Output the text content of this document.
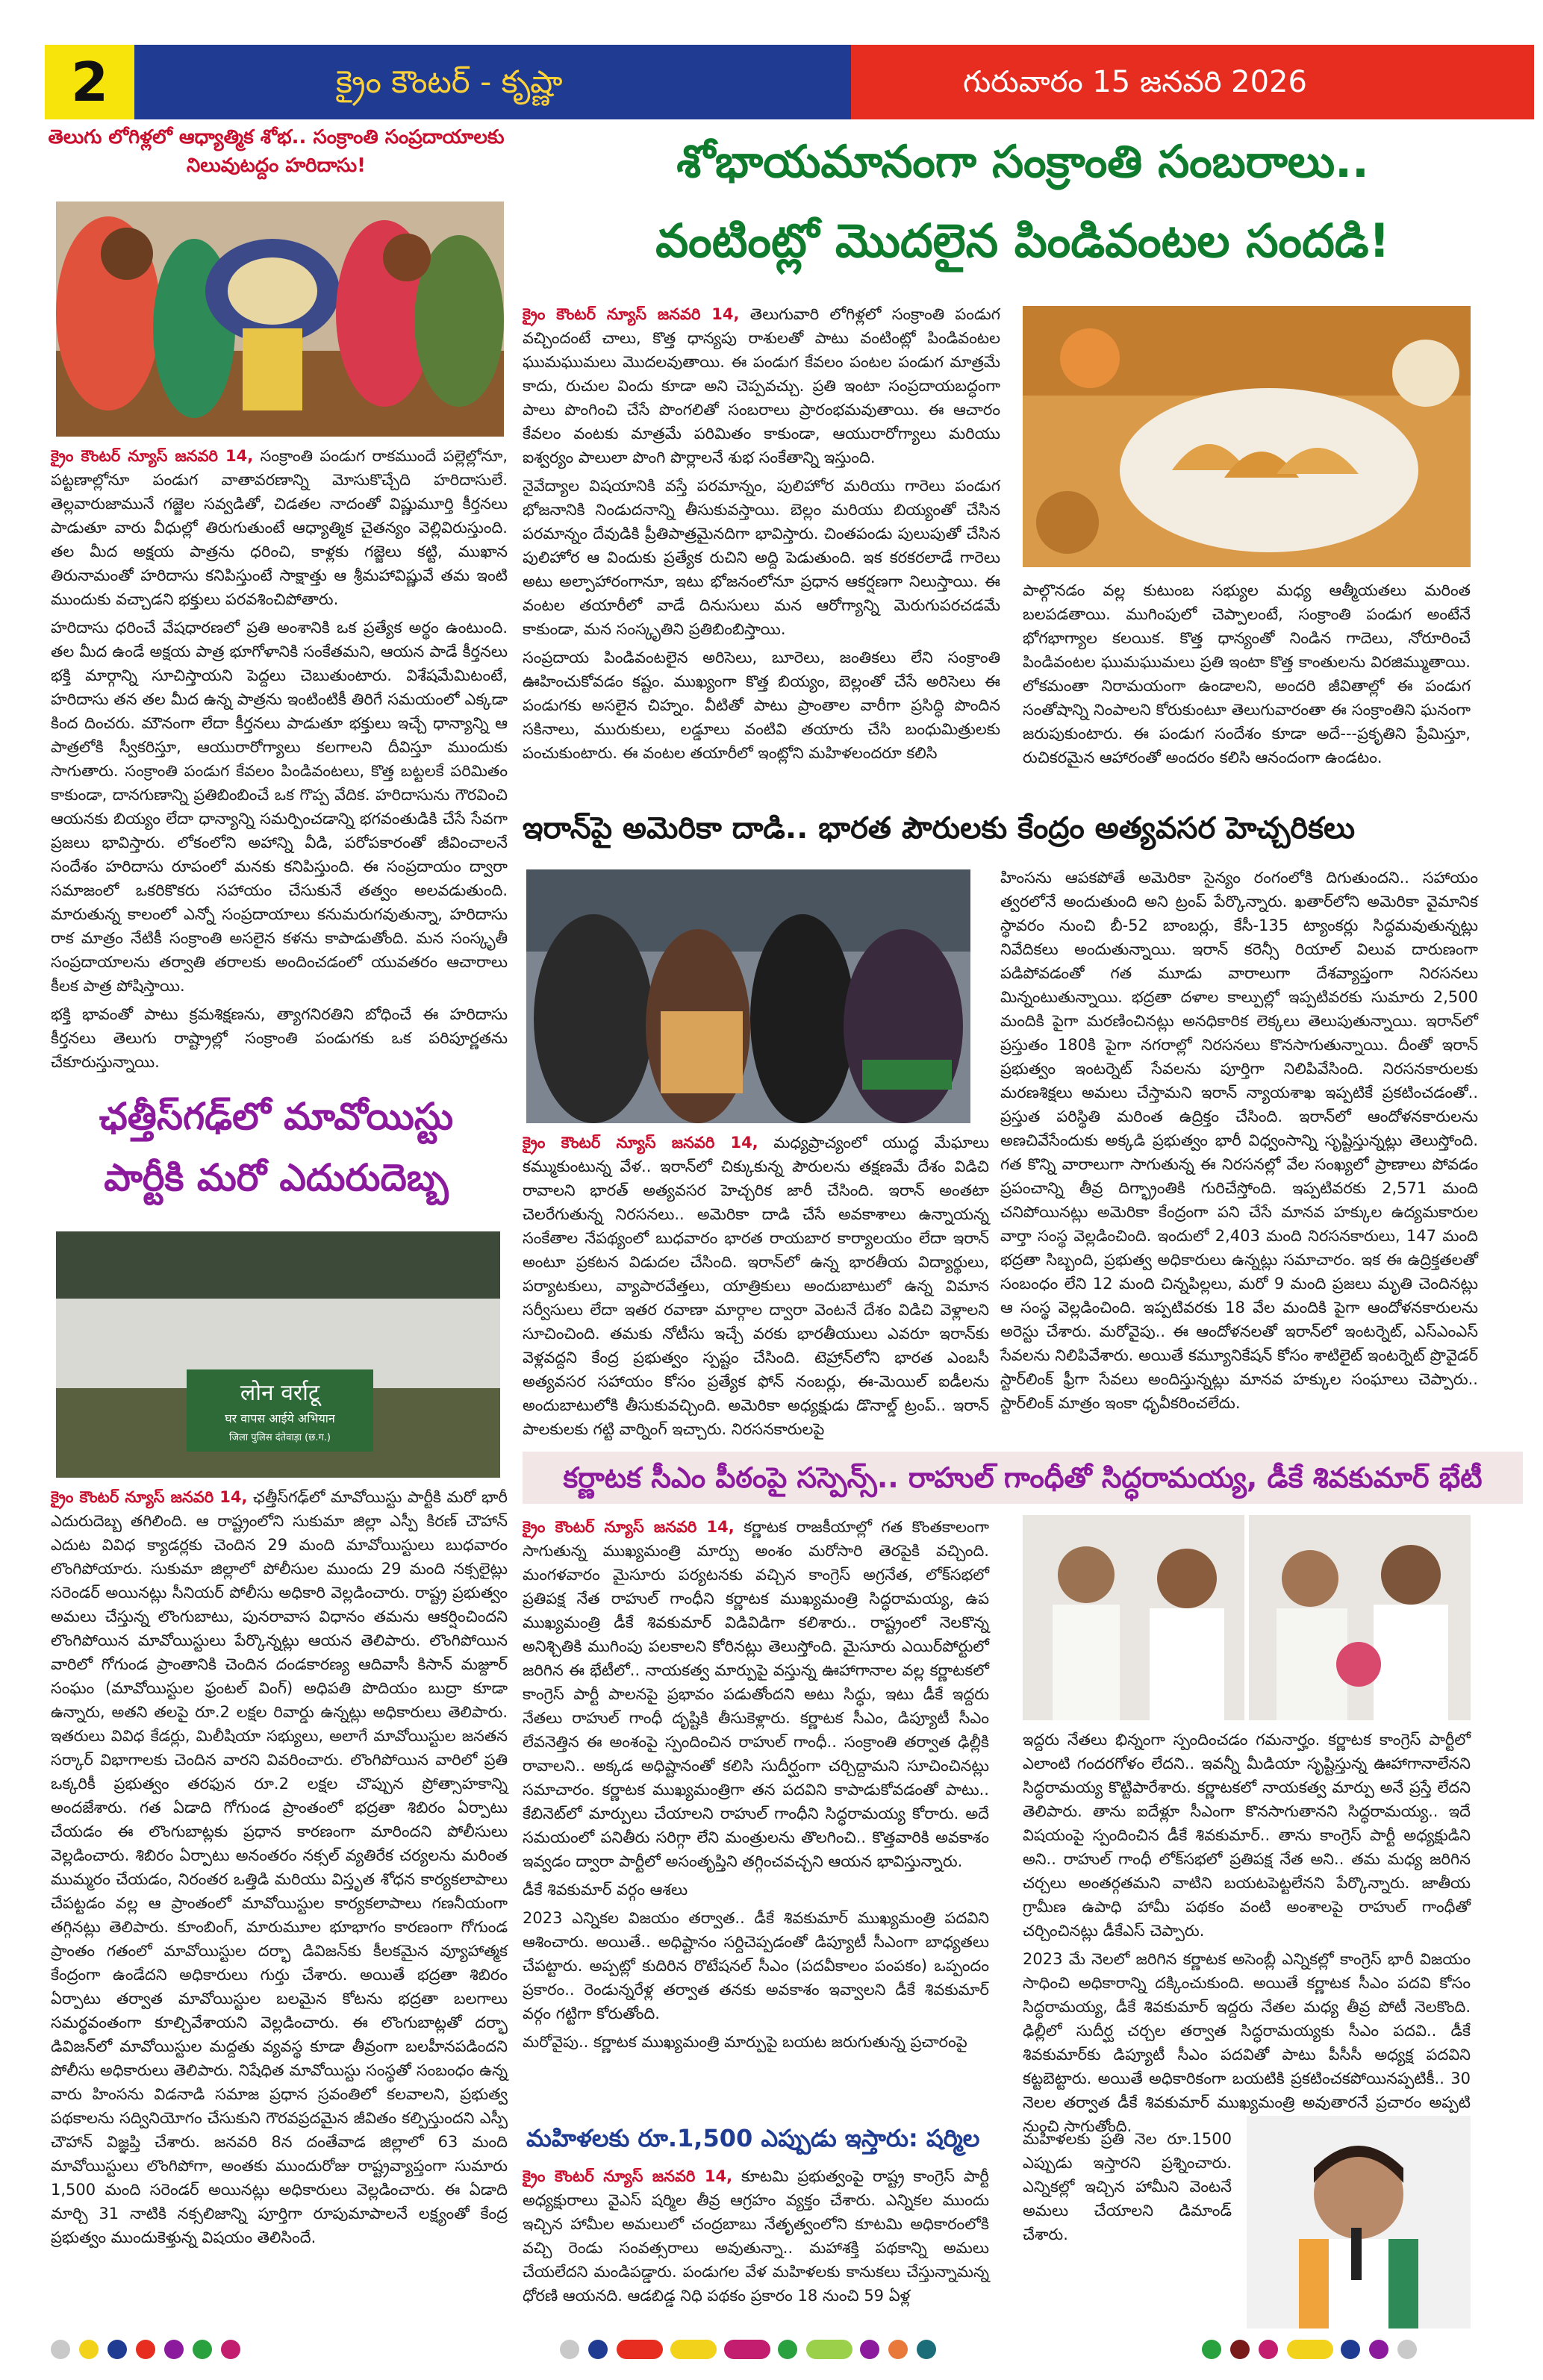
2	క్రైం కౌంటర్ - కృష్ణా	గురువారం 15 జనవరి 2026
తెలుగు లోగిళ్లలో ఆధ్యాత్మిక శోభ.. సంక్రాంతి సంప్రదాయాలకు నిలువుటద్దం హరిదాసు!

క్రైం కౌంటర్ న్యూస్ జనవరి 14, సంక్రాంతి పండుగ రాకముందే పల్లెల్లోనూ, పట్టణాల్లోనూ పండుగ వాతావరణాన్ని మోసుకొచ్చేది హరిదాసులే. తెల్లవారుజామునే గజ్జెల సవ్వడితో, చిడతల నాదంతో విష్ణుమూర్తి కీర్తనలు పాడుతూ వారు వీధుల్లో తిరుగుతుంటే ఆధ్యాత్మిక చైతన్యం వెల్లివిరుస్తుంది. తల మీద అక్షయ పాత్రను ధరించి, కాళ్లకు గజ్జెలు కట్టి, ముఖాన తిరునామంతో హరిదాసు కనిపిస్తుంటే సాక్షాత్తు ఆ శ్రీమహావిష్ణువే తమ ఇంటి ముందుకు వచ్చాడని భక్తులు పరవశించిపోతారు.

హరిదాసు ధరించే వేషధారణలో ప్రతి అంశానికి ఒక ప్రత్యేక అర్థం ఉంటుంది. తల మీద ఉండే అక్షయ పాత్ర భూగోళానికి సంకేతమని, ఆయన పాడే కీర్తనలు భక్తి మార్గాన్ని సూచిస్తాయని పెద్దలు చెబుతుంటారు. విశేషమేమిటంటే, హరిదాసు తన తల మీద ఉన్న పాత్రను ఇంటింటికీ తిరిగే సమయంలో ఎక్కడా కింద దించరు. మౌనంగా లేదా కీర్తనలు పాడుతూ భక్తులు ఇచ్చే ధాన్యాన్ని ఆ పాత్రలోకి స్వీకరిస్తూ, ఆయురారోగ్యాలు కలగాలని దీవిస్తూ ముందుకు సాగుతారు. సంక్రాంతి పండుగ కేవలం పిండివంటలు, కొత్త బట్టలకే పరిమితం కాకుండా, దానగుణాన్ని ప్రతిబింబించే ఒక గొప్ప వేదిక. హరిదాసును గౌరవించి ఆయనకు బియ్యం లేదా ధాన్యాన్ని సమర్పించడాన్ని భగవంతుడికి చేసే సేవగా ప్రజలు భావిస్తారు. లోకంలోని అహాన్ని వీడి, పరోపకారంతో జీవించాలనే సందేశం హరిదాసు రూపంలో మనకు కనిపిస్తుంది. ఈ సంప్రదాయం ద్వారా సమాజంలో ఒకరికొకరు సహాయం చేసుకునే తత్వం అలవడుతుంది. మారుతున్న కాలంలో ఎన్నో సంప్రదాయాలు కనుమరుగవుతున్నా, హరిదాసు రాక మాత్రం నేటికీ సంక్రాంతి అసలైన కళను కాపాడుతోంది. మన సంస్కృతీ సంప్రదాయాలను తర్వాతి తరాలకు అందించడంలో యువతరం ఆచారాలు కీలక పాత్ర పోషిస్తాయి.

భక్తి భావంతో పాటు క్రమశిక్షణను, త్యాగనిరతిని బోధించే ఈ హరిదాసు కీర్తనలు తెలుగు రాష్ట్రాల్లో సంక్రాంతి పండుగకు ఒక పరిపూర్ణతను చేకూరుస్తున్నాయి.

ఛత్తీస్‌గఢ్‌లో మావోయిస్టు
పార్టీకి మరో ఎదురుదెబ్బ
लोन वर्राटू
घर वापस आईये अभियान
जिला पुलिस दंतेवाड़ा (छ.ग.)

క్రైం కౌంటర్ న్యూస్ జనవరి 14, ఛత్తీస్‌గఢ్‌లో మావోయిస్టు పార్టీకి మరో భారీ ఎదురుదెబ్బ తగిలింది. ఆ రాష్ట్రంలోని సుకుమా జిల్లా ఎస్పీ కిరణ్ చౌహాన్ ఎదుట వివిధ క్యాడర్లకు చెందిన 29 మంది మావోయిస్టులు బుధవారం లొంగిపోయారు. సుకుమా జిల్లాలో పోలీసుల ముందు 29 మంది నక్సలైట్లు సరెండర్ అయినట్లు సీనియర్ పోలీసు అధికారి వెల్లడించారు. రాష్ట్ర ప్రభుత్వం అమలు చేస్తున్న లొంగుబాటు, పునరావాస విధానం తమను ఆకర్షించిందని లొంగిపోయిన మావోయిస్టులు పేర్కొన్నట్లు ఆయన తెలిపారు. లొంగిపోయిన వారిలో గోగుండ ప్రాంతానికి చెందిన దండకారణ్య ఆదివాసీ కిసాన్ మజ్దూర్ సంఘం (మావోయిస్టుల ఫ్రంటల్ వింగ్) అధిపతి పొదియం బుద్రా కూడా ఉన్నారు, అతని తలపై రూ.2 లక్షల రివార్డు ఉన్నట్లు అధికారులు తెలిపారు. ఇతరులు వివిధ కేడర్లు, మిలీషియా సభ్యులు, అలాగే మావోయిస్టుల జనతన సర్కార్ విభాగాలకు చెందిన వారని వివరించారు. లొంగిపోయిన వారిలో ప్రతి ఒక్కరికీ ప్రభుత్వం తరఫున రూ.2 లక్షల చొప్పున ప్రోత్సాహకాన్ని అందజేశారు. గత ఏడాది గోగుండ ప్రాంతంలో భద్రతా శిబిరం ఏర్పాటు చేయడం ఈ లొంగుబాట్లకు ప్రధాన కారణంగా మారిందని పోలీసులు వెల్లడించారు. శిబిరం ఏర్పాటు అనంతరం నక్సల్ వ్యతిరేక చర్యలను మరింత ముమ్మరం చేయడం, నిరంతర ఒత్తిడి మరియు విస్తృత శోధన కార్యకలాపాలు చేపట్టడం వల్ల ఆ ప్రాంతంలో మావోయిస్టుల కార్యకలాపాలు గణనీయంగా తగ్గినట్లు తెలిపారు. కూంబింగ్, మారుమూల భూభాగం కారణంగా గోగుండ ప్రాంతం గతంలో మావోయిస్టుల దర్భా డివిజన్‌కు కీలకమైన వ్యూహాత్మక కేంద్రంగా ఉండేదని అధికారులు గుర్తు చేశారు. అయితే భద్రతా శిబిరం ఏర్పాటు తర్వాత మావోయిస్టుల బలమైన కోటను భద్రతా బలగాలు సమర్థవంతంగా కూల్చివేశాయని వెల్లడించారు. ఈ లొంగుబాట్లతో దర్భా డివిజన్‌లో మావోయిస్టుల మద్దతు వ్యవస్థ కూడా తీవ్రంగా బలహీనపడిందని పోలీసు అధికారులు తెలిపారు. నిషేధిత మావోయిస్టు సంస్థతో సంబంధం ఉన్న వారు హింసను విడనాడి సమాజ ప్రధాన స్రవంతిలో కలవాలని, ప్రభుత్వ పథకాలను సద్వినియోగం చేసుకుని గౌరవప్రదమైన జీవితం కల్పిస్తుందని ఎస్పీ చౌహాన్ విజ్ఞప్తి చేశారు. జనవరి 8న దంతేవాడ జిల్లాలో 63 మంది మావోయిస్టులు లొంగిపోగా, అంతకు ముందురోజు రాష్ట్రవ్యాప్తంగా సుమారు 1,500 మంది సరెండర్ అయినట్లు అధికారులు వెల్లడించారు. ఈ ఏడాది మార్చి 31 నాటికి నక్సలిజాన్ని పూర్తిగా రూపుమాపాలనే లక్ష్యంతో కేంద్ర ప్రభుత్వం ముందుకెళ్తున్న విషయం తెలిసిందే.

శోభాయమానంగా సంక్రాంతి సంబరాలు..
వంటింట్లో మొదలైన పిండివంటల సందడి!

క్రైం కౌంటర్ న్యూస్ జనవరి 14, తెలుగువారి లోగిళ్లలో సంక్రాంతి పండుగ వచ్చిందంటే చాలు, కొత్త ధాన్యపు రాశులతో పాటు వంటింట్లో పిండివంటల ఘుమఘుమలు మొదలవుతాయి. ఈ పండుగ కేవలం పంటల పండుగ మాత్రమే కాదు, రుచుల విందు కూడా అని చెప్పవచ్చు. ప్రతి ఇంటా సంప్రదాయబద్ధంగా పాలు పొంగించి చేసే పొంగలితో సంబరాలు ప్రారంభమవుతాయి. ఈ ఆచారం కేవలం వంటకు మాత్రమే పరిమితం కాకుండా, ఆయురారోగ్యాలు మరియు ఐశ్వర్యం పాలులా పొంగి పొర్లాలనే శుభ సంకేతాన్ని ఇస్తుంది.

నైవేద్యాల విషయానికి వస్తే పరమాన్నం, పులిహోర మరియు గారెలు పండుగ భోజనానికి నిండుదనాన్ని తీసుకువస్తాయి. బెల్లం మరియు బియ్యంతో చేసిన పరమాన్నం దేవుడికి ప్రీతిపాత్రమైనదిగా భావిస్తారు. చింతపండు పులుపుతో చేసిన పులిహోర ఆ విందుకు ప్రత్యేక రుచిని అద్ది పెడుతుంది. ఇక కరకరలాడే గారెలు అటు అల్పాహారంగానూ, ఇటు భోజనంలోనూ ప్రధాన ఆకర్షణగా నిలుస్తాయి. ఈ వంటల తయారీలో వాడే దినుసులు మన ఆరోగ్యాన్ని మెరుగుపరచడమే కాకుండా, మన సంస్కృతిని ప్రతిబింబిస్తాయి.

సంప్రదాయ పిండివంటలైన అరిసెలు, బూరెలు, జంతికలు లేని సంక్రాంతి ఊహించుకోవడం కష్టం. ముఖ్యంగా కొత్త బియ్యం, బెల్లంతో చేసే అరిసెలు ఈ పండుగకు అసలైన చిహ్నం. వీటితో పాటు ప్రాంతాల వారీగా ప్రసిద్ధి పొందిన సకినాలు, మురుకులు, లడ్డూలు వంటివి తయారు చేసి బంధుమిత్రులకు పంచుకుంటారు. ఈ వంటల తయారీలో ఇంట్లోని మహిళలందరూ కలిసి

పాల్గొనడం వల్ల కుటుంబ సభ్యుల మధ్య ఆత్మీయతలు మరింత బలపడతాయి. ముగింపులో చెప్పాలంటే, సంక్రాంతి పండుగ అంటేనే భోగభాగ్యాల కలయిక. కొత్త ధాన్యంతో నిండిన గాదెలు, నోరూరించే పిండివంటల ఘుమఘుమలు ప్రతి ఇంటా కొత్త కాంతులను విరజిమ్ముతాయి. లోకమంతా నిరామయంగా ఉండాలని, అందరి జీవితాల్లో ఈ పండుగ సంతోషాన్ని నింపాలని కోరుకుంటూ తెలుగువారంతా ఈ సంక్రాంతిని ఘనంగా జరుపుకుంటారు. ఈ పండుగ సందేశం కూడా అదే---ప్రకృతిని ప్రేమిస్తూ, రుచికరమైన ఆహారంతో అందరం కలిసి ఆనందంగా ఉండటం.

ఇరాన్‌పై అమెరికా దాడి.. భారత పౌరులకు కేంద్రం అత్యవసర హెచ్చరికలు

క్రైం కౌంటర్ న్యూస్ జనవరి 14, మధ్యప్రాచ్యంలో యుద్ధ మేఘాలు కమ్ముకుంటున్న వేళ.. ఇరాన్‌లో చిక్కుకున్న పౌరులను తక్షణమే దేశం విడిచి రావాలని భారత్ అత్యవసర హెచ్చరిక జారీ చేసింది. ఇరాన్ అంతటా చెలరేగుతున్న నిరసనలు.. అమెరికా దాడి చేసే అవకాశాలు ఉన్నాయన్న సంకేతాల నేపథ్యంలో బుధవారం భారత రాయబార కార్యాలయం లేదా ఇరాన్ అంటూ ప్రకటన విడుదల చేసింది. ఇరాన్‌లో ఉన్న భారతీయ విద్యార్థులు, పర్యాటకులు, వ్యాపారవేత్తలు, యాత్రికులు అందుబాటులో ఉన్న విమాన సర్వీసులు లేదా ఇతర రవాణా మార్గాల ద్వారా వెంటనే దేశం విడిచి వెళ్లాలని సూచించింది. తమకు నోటీసు ఇచ్చే వరకు భారతీయులు ఎవరూ ఇరాన్‌కు వెళ్లవద్దని కేంద్ర ప్రభుత్వం స్పష్టం చేసింది. టెహ్రాన్‌లోని భారత ఎంబసీ అత్యవసర సహాయం కోసం ప్రత్యేక ఫోన్ నంబర్లు, ఈ-మెయిల్ ఐడీలను అందుబాటులోకి తీసుకువచ్చింది. అమెరికా అధ్యక్షుడు డొనాల్డ్ ట్రంప్.. ఇరాన్ పాలకులకు గట్టి వార్నింగ్ ఇచ్చారు. నిరసనకారులపై

హింసను ఆపకపోతే అమెరికా సైన్యం రంగంలోకి దిగుతుందని.. సహాయం త్వరలోనే అందుతుంది అని ట్రంప్ పేర్కొన్నారు. ఖతార్‌లోని అమెరికా వైమానిక స్థావరం నుంచి బీ-52 బాంబర్లు, కేసీ-135 ట్యాంకర్లు సిద్ధమవుతున్నట్లు నివేదికలు అందుతున్నాయి. ఇరాన్ కరెన్సీ రియాల్ విలువ దారుణంగా పడిపోవడంతో గత మూడు వారాలుగా దేశవ్యాప్తంగా నిరసనలు మిన్నంటుతున్నాయి. భద్రతా దళాల కాల్పుల్లో ఇప్పటివరకు సుమారు 2,500 మందికి పైగా మరణించినట్లు అనధికారిక లెక్కలు తెలుపుతున్నాయి. ఇరాన్‌లో ప్రస్తుతం 180కి పైగా నగరాల్లో నిరసనలు కొనసాగుతున్నాయి. దీంతో ఇరాన్ ప్రభుత్వం ఇంటర్నెట్ సేవలను పూర్తిగా నిలిపివేసింది. నిరసనకారులకు మరణశిక్షలు అమలు చేస్తామని ఇరాన్ న్యాయశాఖ ఇప్పటికే ప్రకటించడంతో.. ప్రస్తుత పరిస్థితి మరింత ఉద్రిక్తం చేసింది. ఇరాన్‌లో ఆందోళనకారులను అణచివేసేందుకు అక్కడి ప్రభుత్వం భారీ విధ్వంసాన్ని సృష్టిస్తున్నట్లు తెలుస్తోంది. గత కొన్ని వారాలుగా సాగుతున్న ఈ నిరసనల్లో వేల సంఖ్యలో ప్రాణాలు పోవడం ప్రపంచాన్ని తీవ్ర దిగ్భ్రాంతికి గురిచేస్తోంది. ఇప్పటివరకు 2,571 మంది చనిపోయినట్లు అమెరికా కేంద్రంగా పని చేసే మానవ హక్కుల ఉద్యమకారుల వార్తా సంస్థ వెల్లడించింది. ఇందులో 2,403 మంది నిరసనకారులు, 147 మంది భద్రతా సిబ్బంది, ప్రభుత్వ అధికారులు ఉన్నట్లు సమాచారం. ఇక ఈ ఉద్రిక్తతలతో సంబంధం లేని 12 మంది చిన్నపిల్లలు, మరో 9 మంది ప్రజలు మృతి చెందినట్లు ఆ సంస్థ వెల్లడించింది. ఇప్పటివరకు 18 వేల మందికి పైగా ఆందోళనకారులను అరెస్టు చేశారు. మరోవైపు.. ఈ ఆందోళనలతో ఇరాన్‌లో ఇంటర్నెట్, ఎస్ఎంఎస్ సేవలను నిలిపివేశారు. అయితే కమ్యూనికేషన్ కోసం శాటిలైట్ ఇంటర్నెట్ ప్రొవైడర్ స్టార్‌లింక్ ఫ్రీగా సేవలు అందిస్తున్నట్లు మానవ హక్కుల సంఘాలు చెప్పారు.. స్టార్‌లింక్ మాత్రం ఇంకా ధృవీకరించలేదు.

కర్ణాటక సీఎం పీఠంపై సస్పెన్స్.. రాహుల్ గాంధీతో సిద్ధరామయ్య, డీకే శివకుమార్ భేటీ

క్రైం కౌంటర్ న్యూస్ జనవరి 14, కర్ణాటక రాజకీయాల్లో గత కొంతకాలంగా సాగుతున్న ముఖ్యమంత్రి మార్పు అంశం మరోసారి తెరపైకి వచ్చింది. మంగళవారం మైసూరు పర్యటనకు వచ్చిన కాంగ్రెస్ అగ్రనేత, లోక్‌సభలో ప్రతిపక్ష నేత రాహుల్ గాంధీని కర్ణాటక ముఖ్యమంత్రి సిద్ధరామయ్య, ఉప ముఖ్యమంత్రి డీకే శివకుమార్ విడివిడిగా కలిశారు.. రాష్ట్రంలో నెలకొన్న అనిశ్చితికి ముగింపు పలకాలని కోరినట్లు తెలుస్తోంది. మైసూరు ఎయిర్‌పోర్టులో జరిగిన ఈ భేటీలో.. నాయకత్వ మార్పుపై వస్తున్న ఊహాగానాల వల్ల కర్ణాటకలో కాంగ్రెస్ పార్టీ పాలనపై ప్రభావం పడుతోందని అటు సిద్ధు, ఇటు డీకే ఇద్దరు నేతలు రాహుల్ గాంధీ దృష్టికి తీసుకెళ్లారు. కర్ణాటక సీఎం, డిప్యూటీ సీఎం లేవనెత్తిన ఈ అంశంపై స్పందించిన రాహుల్ గాంధీ.. సంక్రాంతి తర్వాత ఢిల్లీకి రావాలని.. అక్కడ అధిష్టానంతో కలిసి సుదీర్ఘంగా చర్చిద్దామని సూచించినట్లు సమాచారం. కర్ణాటక ముఖ్యమంత్రిగా తన పదవిని కాపాడుకోవడంతో పాటు.. కేబినెట్‌లో మార్పులు చేయాలని రాహుల్ గాంధీని సిద్ధరామయ్య కోరారు. అదే సమయంలో పనితీరు సరిగ్గా లేని మంత్రులను తొలగించి.. కొత్తవారికి అవకాశం ఇవ్వడం ద్వారా పార్టీలో అసంతృప్తిని తగ్గించవచ్చని ఆయన భావిస్తున్నారు.

డీకే శివకుమార్ వర్గం ఆశలు

2023 ఎన్నికల విజయం తర్వాత.. డీకే శివకుమార్ ముఖ్యమంత్రి పదవిని ఆశించారు. అయితే.. అధిష్టానం సర్దిచెప్పడంతో డిప్యూటీ సీఎంగా బాధ్యతలు చేపట్టారు. అప్పట్లో కుదిరిన రొటేషనల్ సీఎం (పదవీకాలం పంపకం) ఒప్పందం ప్రకారం.. రెండున్నరేళ్ల తర్వాత తనకు అవకాశం ఇవ్వాలని డీకే శివకుమార్ వర్గం గట్టిగా కోరుతోంది.

మరోవైపు.. కర్ణాటక ముఖ్యమంత్రి మార్పుపై బయట జరుగుతున్న ప్రచారంపై

ఇద్దరు నేతలు భిన్నంగా స్పందించడం గమనార్హం. కర్ణాటక కాంగ్రెస్ పార్టీలో ఎలాంటి గందరగోళం లేదని.. ఇవన్నీ మీడియా సృష్టిస్తున్న ఊహాగానాలేనని సిద్ధరామయ్య కొట్టిపారేశారు. కర్ణాటకలో నాయకత్వ మార్పు అనే ప్రస్తే లేదని తెలిపారు. తాను ఐదేళ్లూ సీఎంగా కొనసాగుతానని సిద్ధరామయ్య.. ఇదే విషయంపై స్పందించిన డీకే శివకుమార్.. తాను కాంగ్రెస్ పార్టీ అధ్యక్షుడిని అని.. రాహుల్ గాంధీ లోక్‌సభలో ప్రతిపక్ష నేత అని.. తమ మధ్య జరిగిన చర్చలు అంతర్గతమని వాటిని బయటపెట్టలేనని పేర్కొన్నారు. జాతీయ గ్రామీణ ఉపాధి హామీ పథకం వంటి అంశాలపై రాహుల్ గాంధీతో చర్చించినట్లు డీకేఎస్ చెప్పారు.

2023 మే నెలలో జరిగిన కర్ణాటక అసెంబ్లీ ఎన్నికల్లో కాంగ్రెస్ భారీ విజయం సాధించి అధికారాన్ని దక్కించుకుంది. అయితే కర్ణాటక సీఎం పదవి కోసం సిద్ధరామయ్య, డీకే శివకుమార్ ఇద్దరు నేతల మధ్య తీవ్ర పోటీ నెలకొంది. ఢిల్లీలో సుదీర్ఘ చర్చల తర్వాత సిద్ధరామయ్యకు సీఎం పదవి.. డీకే శివకుమార్‌కు డిప్యూటీ సీఎం పదవితో పాటు పీసీసీ అధ్యక్ష పదవిని కట్టబెట్టారు. అయితే అధికారికంగా బయటికి ప్రకటించకపోయినప్పటికీ.. 30 నెలల తర్వాత డీకే శివకుమార్ ముఖ్యమంత్రి అవుతారనే ప్రచారం అప్పటి నుంచి సాగుతోంది.

మహిళలకు రూ.1,500 ఎప్పుడు ఇస్తారు: షర్మిల

క్రైం కౌంటర్ న్యూస్ జనవరి 14, కూటమి ప్రభుత్వంపై రాష్ట్ర కాంగ్రెస్ పార్టీ అధ్యక్షురాలు వైఎస్ షర్మిల తీవ్ర ఆగ్రహం వ్యక్తం చేశారు. ఎన్నికల ముందు ఇచ్చిన హామీల అమలులో చంద్రబాబు నేతృత్వంలోని కూటమి అధికారంలోకి వచ్చి రెండు సంవత్సరాలు అవుతున్నా.. మహాశక్తి పథకాన్ని అమలు చేయలేదని మండిపడ్డారు. పండుగల వేళ మహిళలకు కానుకలు చేస్తున్నామన్న ధోరణి ఆయనది. ఆడబిడ్డ నిధి పథకం ప్రకారం 18 నుంచి 59 ఏళ్ల

మహిళలకు ప్రతి నెల రూ.1500 ఎప్పుడు ఇస్తారని ప్రశ్నించారు. ఎన్నికల్లో ఇచ్చిన హామీని వెంటనే అమలు చేయాలని డిమాండ్ చేశారు.
